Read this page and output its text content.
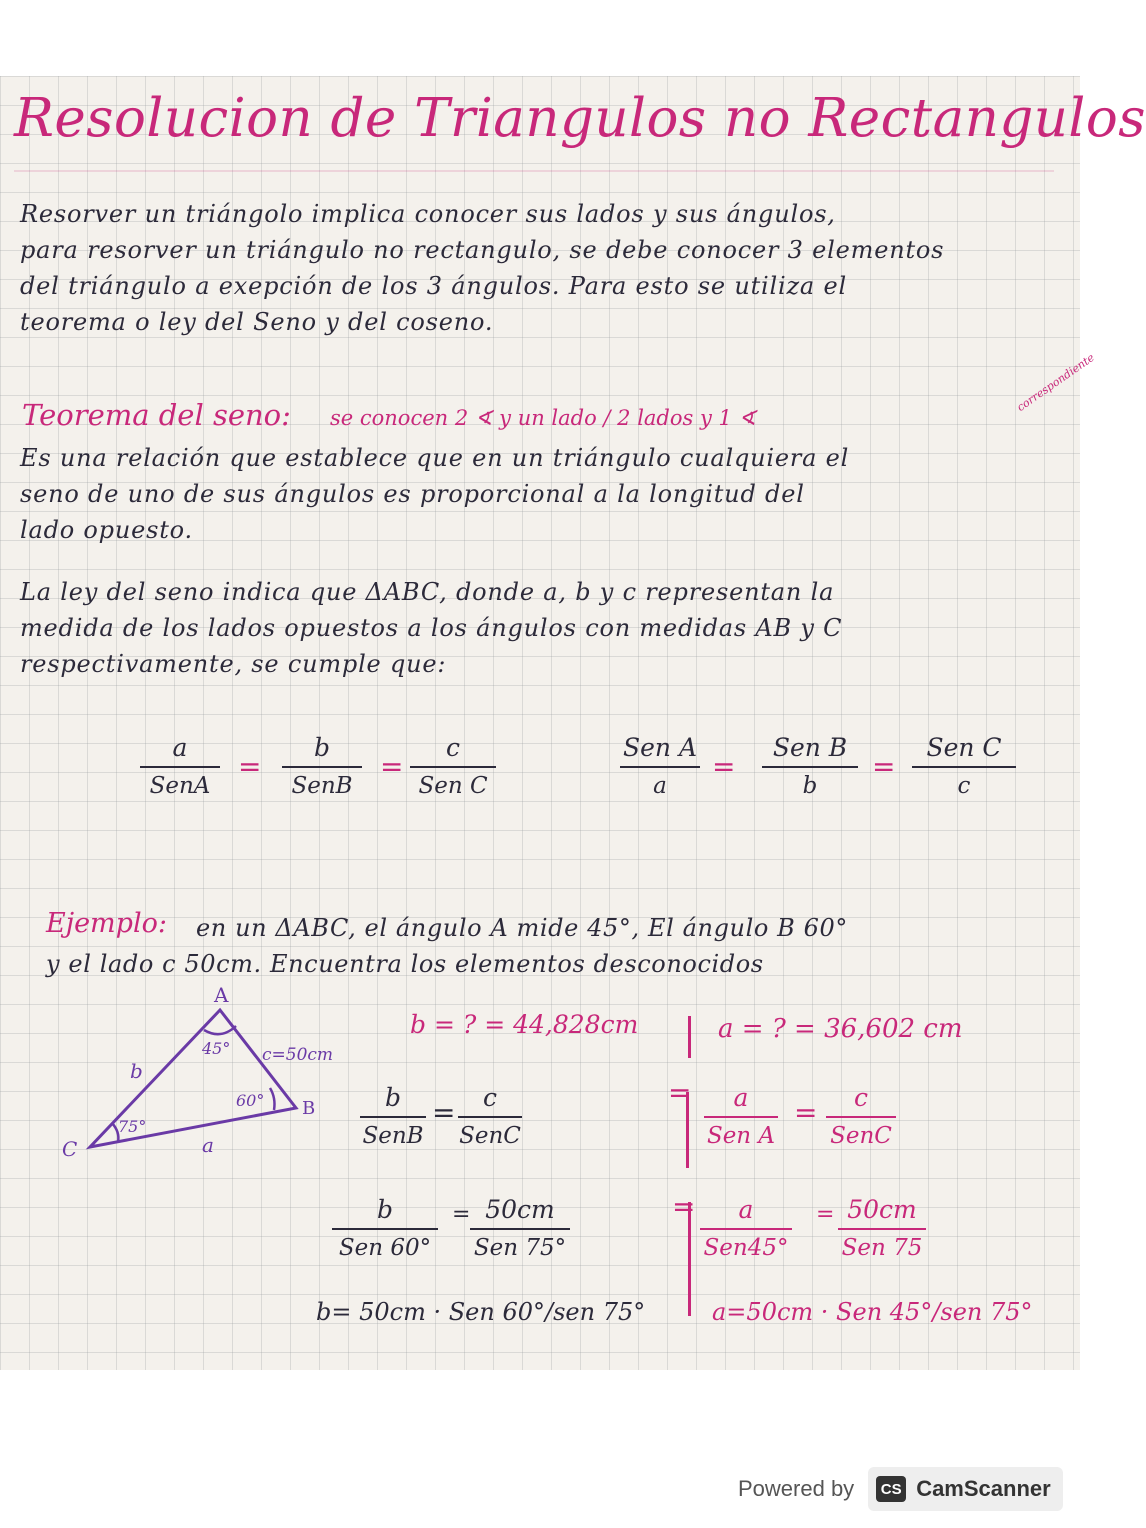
Resolucion de Triangulos no Rectangulos
Resorver un triángolo implica conocer sus lados y sus ángulos,
para resorver un triángulo no rectangulo, se debe conocer 3 elementos
del triángulo a exepción de los 3 ángulos. Para esto se utiliza el
teorema o ley del Seno y del coseno.
Teorema del seno: se conocen 2 ∢ y un lado / 2 lados y 1 ∢
correspondiente
Es una relación que establece que en un triángulo cualquiera el
seno de uno de sus ángulos es proporcional a la longitud del
lado opuesto.
La ley del seno indica que ΔABC, donde a, b y c representan la
medida de los lados opuestos a los ángulos con medidas AB y C
respectivamente, se cumple que:
a
SenA
=
b
SenB
=
c
Sen C
Sen A
a
=
Sen B
b
=
Sen C
c
Ejemplo: en un ΔABC, el ángulo A mide 45°, El ángulo B 60°
y el lado c 50cm. Encuentra los elementos desconocidos
A
B
C
b
a
c=50cm
45°
60°
75°
b = ? = 44,828cm
b
SenB
=	c
SenC
b
Sen 60°
= 50cm
Sen 75°
b= 50cm · Sen 60°/sen 75°
a = ? = 36,602 cm
=	a
Sen A
=	c
SenC
=	a
Sen45°
= 50cm
Sen 75
a=50cm · Sen 45°/sen 75°
Powered by	CS CamScanner
